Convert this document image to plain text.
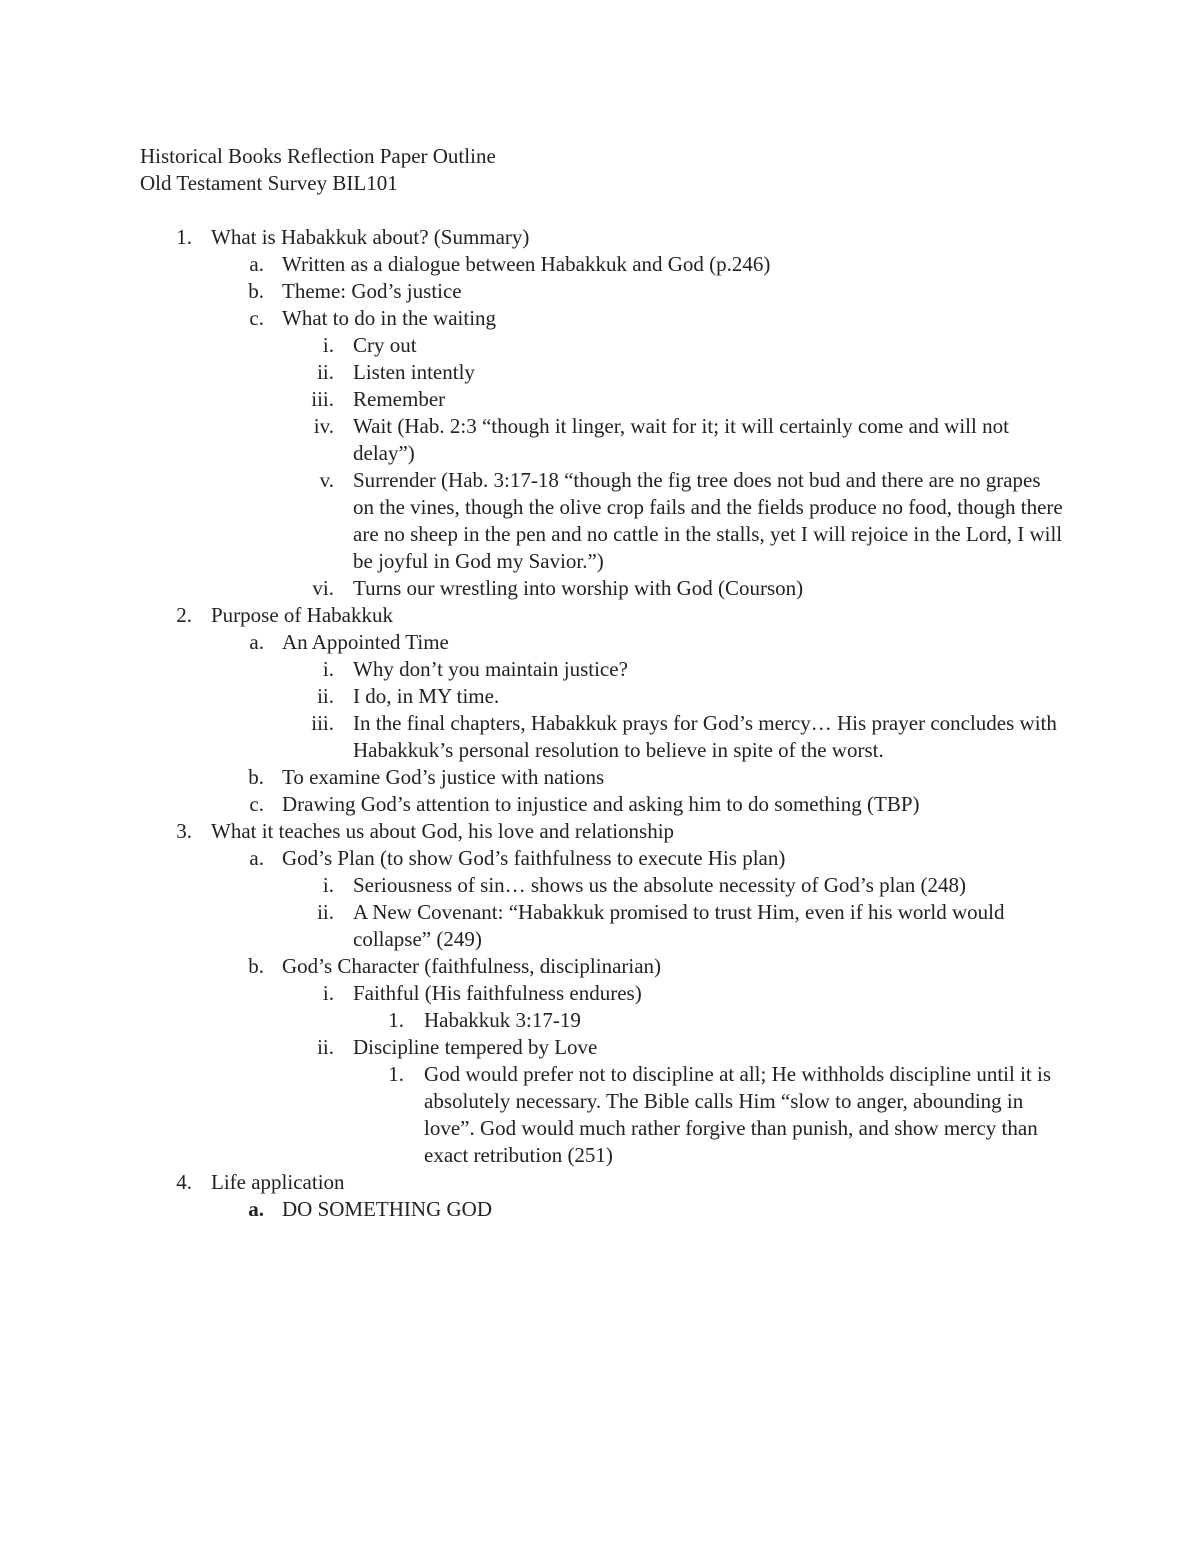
Historical Books Reflection Paper Outline
Old Testament Survey BIL101
1. What is Habakkuk about? (Summary)
a. Written as a dialogue between Habakkuk and God (p.246)
b. Theme: God’s justice
c. What to do in the waiting
i. Cry out
ii. Listen intently
iii. Remember
iv. Wait (Hab. 2:3 “though it linger, wait for it; it will certainly come and will not delay”)
v. Surrender (Hab. 3:17-18 “though the fig tree does not bud and there are no grapes on the vines, though the olive crop fails and the fields produce no food, though there are no sheep in the pen and no cattle in the stalls, yet I will rejoice in the Lord, I will be joyful in God my Savior.”)
vi. Turns our wrestling into worship with God (Courson)
2. Purpose of Habakkuk
a. An Appointed Time
i. Why don’t you maintain justice?
ii. I do, in MY time.
iii. In the final chapters, Habakkuk prays for God’s mercy… His prayer concludes with Habakkuk’s personal resolution to believe in spite of the worst.
b. To examine God’s justice with nations
c. Drawing God’s attention to injustice and asking him to do something (TBP)
3. What it teaches us about God, his love and relationship
a. God’s Plan (to show God’s faithfulness to execute His plan)
i. Seriousness of sin… shows us the absolute necessity of God’s plan (248)
ii. A New Covenant: “Habakkuk promised to trust Him, even if his world would collapse” (249)
b. God’s Character (faithfulness, disciplinarian)
i. Faithful (His faithfulness endures)
1. Habakkuk 3:17-19
ii. Discipline tempered by Love
1. God would prefer not to discipline at all; He withholds discipline until it is absolutely necessary. The Bible calls Him “slow to anger, abounding in love”. God would much rather forgive than punish, and show mercy than exact retribution (251)
4. Life application
a. DO SOMETHING GOD
